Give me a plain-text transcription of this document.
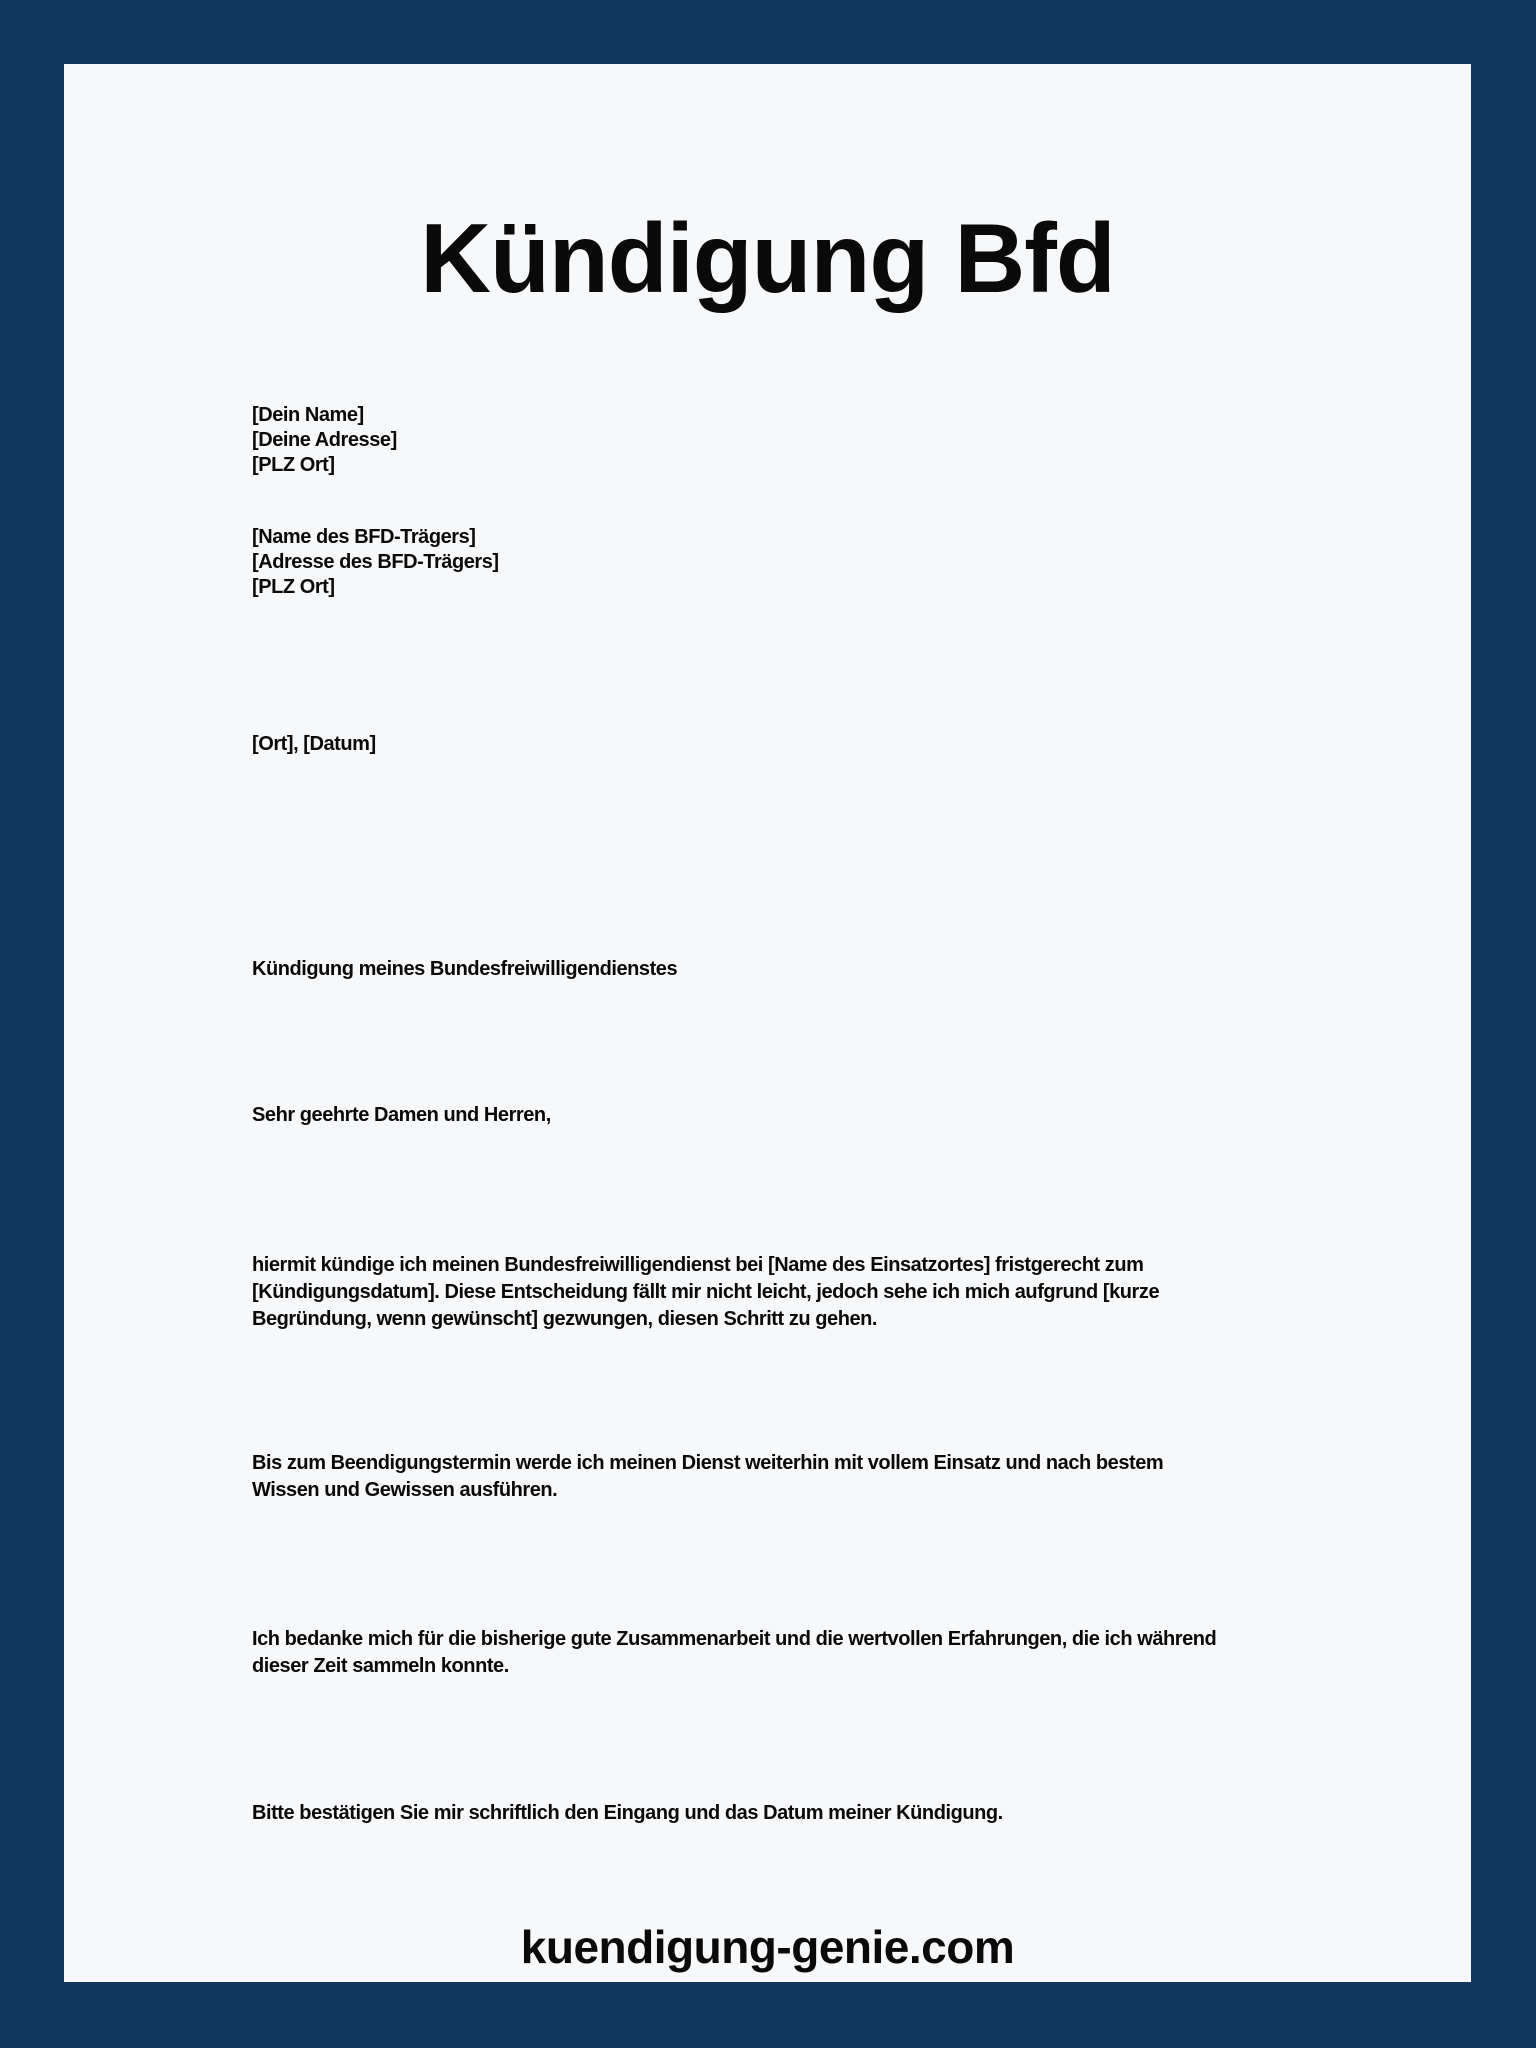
Kündigung Bfd
[Dein Name]
[Deine Adresse]
[PLZ Ort]
[Name des BFD-Trägers]
[Adresse des BFD-Trägers]
[PLZ Ort]
[Ort], [Datum]
Kündigung meines Bundesfreiwilligendienstes
Sehr geehrte Damen und Herren,
hiermit kündige ich meinen Bundesfreiwilligendienst bei [Name des Einsatzortes] fristgerecht zum
[Kündigungsdatum]. Diese Entscheidung fällt mir nicht leicht, jedoch sehe ich mich aufgrund [kurze
Begründung, wenn gewünscht] gezwungen, diesen Schritt zu gehen.
Bis zum Beendigungstermin werde ich meinen Dienst weiterhin mit vollem Einsatz und nach bestem
Wissen und Gewissen ausführen.
Ich bedanke mich für die bisherige gute Zusammenarbeit und die wertvollen Erfahrungen, die ich während
dieser Zeit sammeln konnte.
Bitte bestätigen Sie mir schriftlich den Eingang und das Datum meiner Kündigung.
kuendigung-genie.com
